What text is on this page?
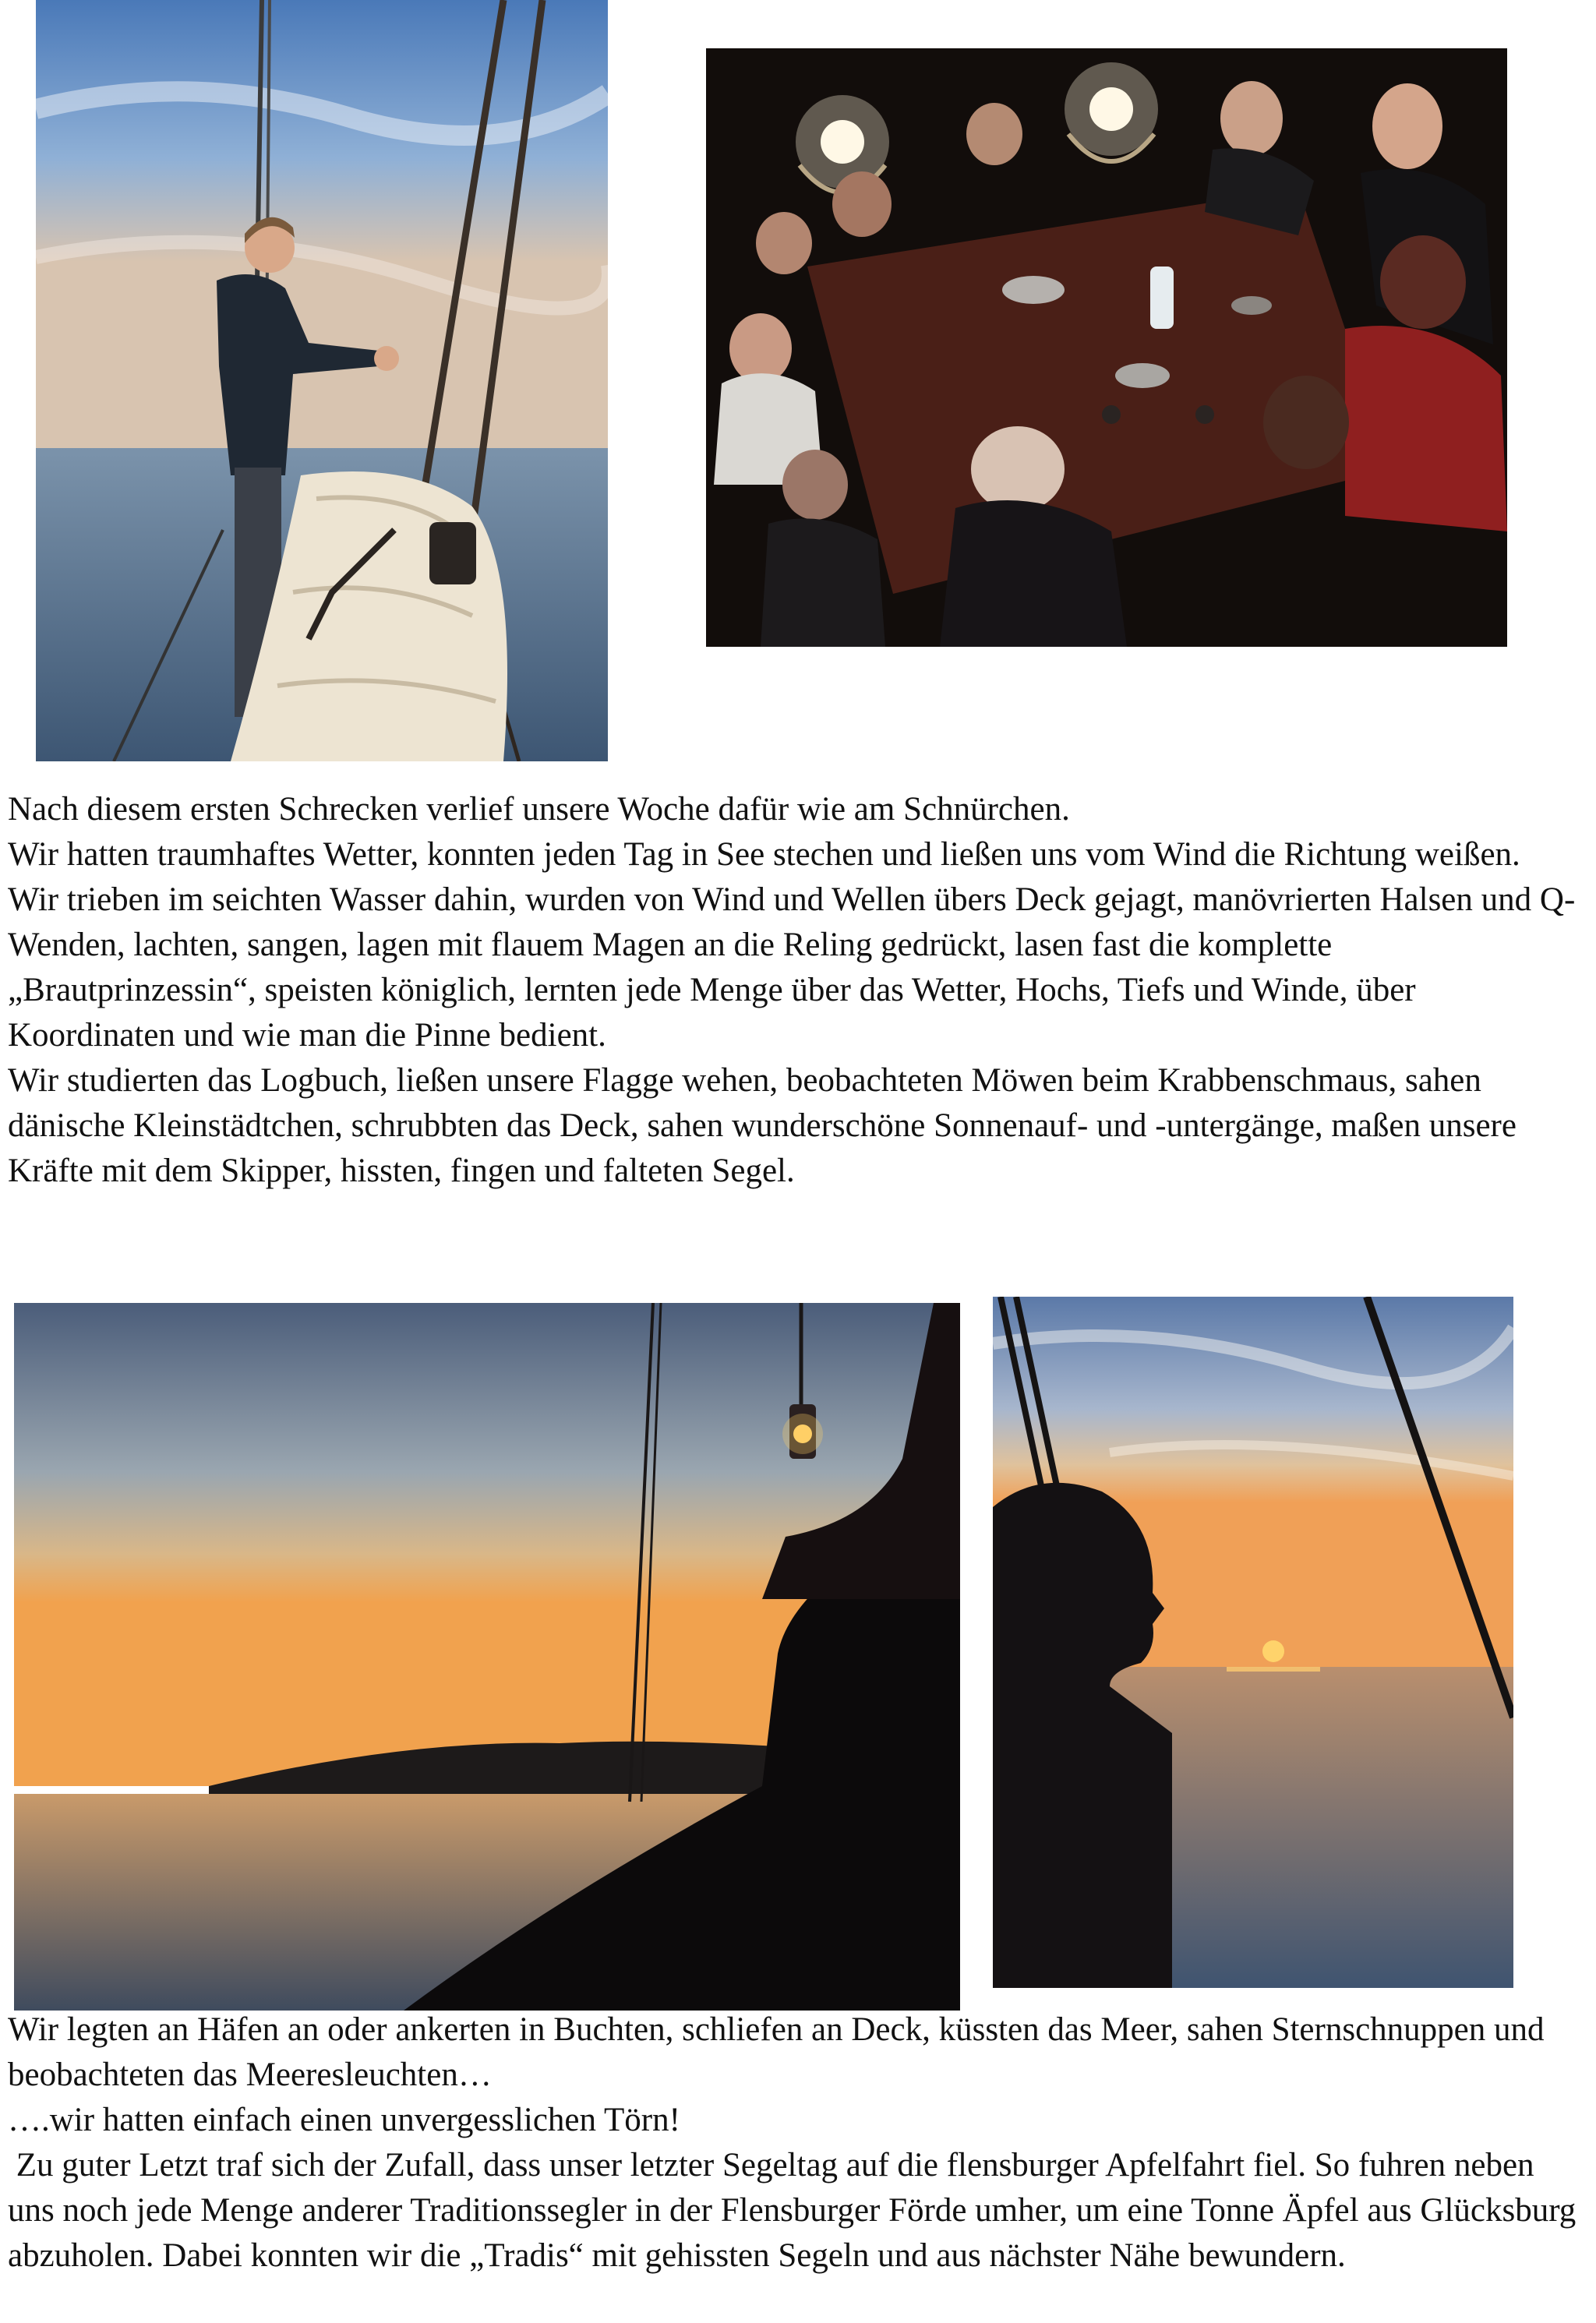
Nach diesem ersten Schrecken verlief unsere Woche dafür wie am Schnürchen.

Wir hatten traumhaftes Wetter, konnten jeden Tag in See stechen und ließen uns vom Wind die Richtung weißen.

Wir trieben im seichten Wasser dahin, wurden von Wind und Wellen übers Deck gejagt, manövrierten Halsen und Q-Wenden, lachten, sangen, lagen mit flauem Magen an die Reling gedrückt, lasen fast die komplette „Brautprinzessin“, speisten königlich, lernten jede Menge über das Wetter, Hochs, Tiefs und Winde, über Koordinaten und wie man die Pinne bedient.

Wir studierten das Logbuch, ließen unsere Flagge wehen, beobachteten Möwen beim Krabbenschmaus, sahen dänische Kleinstädtchen, schrubbten das Deck, sahen wunderschöne Sonnenauf- und -untergänge, maßen unsere Kräfte mit dem Skipper, hissten, fingen und falteten Segel.

Wir legten an Häfen an oder ankerten in Buchten, schliefen an Deck, küssten das Meer, sahen Sternschnuppen und beobachteten das Meeresleuchten…

….wir hatten einfach einen unvergesslichen Törn!

Zu guter Letzt traf sich der Zufall, dass unser letzter Segeltag auf die flensburger Apfelfahrt fiel. So fuhren neben uns noch jede Menge anderer Traditionssegler in der Flensburger Förde umher, um eine Tonne Äpfel aus Glücksburg abzuholen. Dabei konnten wir die „Tradis“ mit gehissten Segeln und aus nächster Nähe bewundern.
